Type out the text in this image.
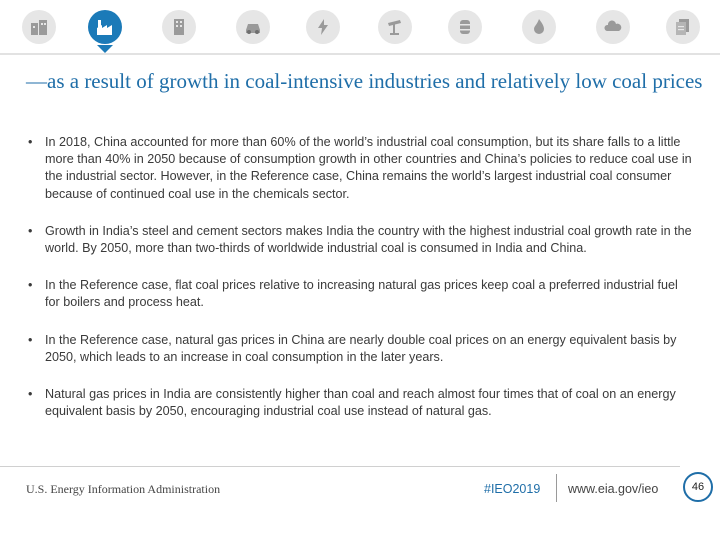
—as a result of growth in coal-intensive industries and relatively low coal prices
• In 2018, China accounted for more than 60% of the world’s industrial coal consumption, but its share falls to a little more than 40% in 2050 because of consumption growth in other countries and China’s policies to reduce coal use in the industrial sector. However, in the Reference case, China remains the world’s largest industrial coal consumer because of continued coal use in the chemicals sector.
• Growth in India’s steel and cement sectors makes India the country with the highest industrial coal growth rate in the world. By 2050, more than two-thirds of worldwide industrial coal is consumed in India and China.
• In the Reference case, flat coal prices relative to increasing natural gas prices keep coal a preferred industrial fuel for boilers and process heat.
• In the Reference case, natural gas prices in China are nearly double coal prices on an energy equivalent basis by 2050, which leads to an increase in coal consumption in the later years.
• Natural gas prices in India are consistently higher than coal and reach almost four times that of coal on an energy equivalent basis by 2050, encouraging industrial coal use instead of natural gas.
U.S. Energy Information Administration	#IEO2019 www.eia.gov/ieo	46
